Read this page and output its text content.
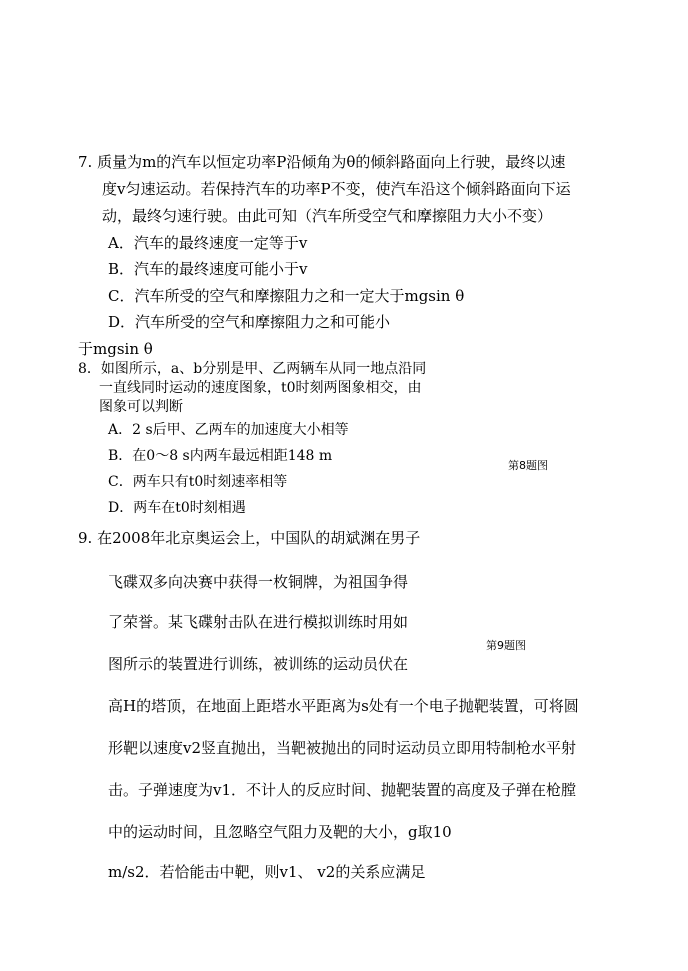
7. 质量为m的汽车以恒定功率P沿倾角为θ的倾斜路面向上行驶，最终以速
度v匀速运动。若保持汽车的功率P不变，使汽车沿这个倾斜路面向下运
动，最终匀速行驶。由此可知（汽车所受空气和摩擦阻力大小不变）
A．汽车的最终速度一定等于v
B．汽车的最终速度可能小于v
C．汽车所受的空气和摩擦阻力之和一定大于mgsin θ
D．汽车所受的空气和摩擦阻力之和可能小
于mgsin θ
8．如图所示，a、b分别是甲、乙两辆车从同一地点沿同
一直线同时运动的速度图象，t0时刻两图象相交，由
图象可以判断
A．2 s后甲、乙两车的加速度大小相等
B．在0～8 s内两车最远相距148 m
C．两车只有t0时刻速率相等
D．两车在t0时刻相遇
第8题图
9. 在2008年北京奥运会上，中国队的胡斌渊在男子
飞碟双多向决赛中获得一枚铜牌，为祖国争得
了荣誉。某飞碟射击队在进行模拟训练时用如
第9题图
图所示的装置进行训练，被训练的运动员伏在
高H的塔顶，在地面上距塔水平距离为s处有一个电子抛靶装置，可将圆
形靶以速度v2竖直抛出，当靶被抛出的同时运动员立即用特制枪水平射
击。子弹速度为v1．不计人的反应时间、抛靶装置的高度及子弹在枪膛
中的运动时间，且忽略空气阻力及靶的大小，g取10
m/s2．若恰能击中靶，则v1、 v2的关系应满足
